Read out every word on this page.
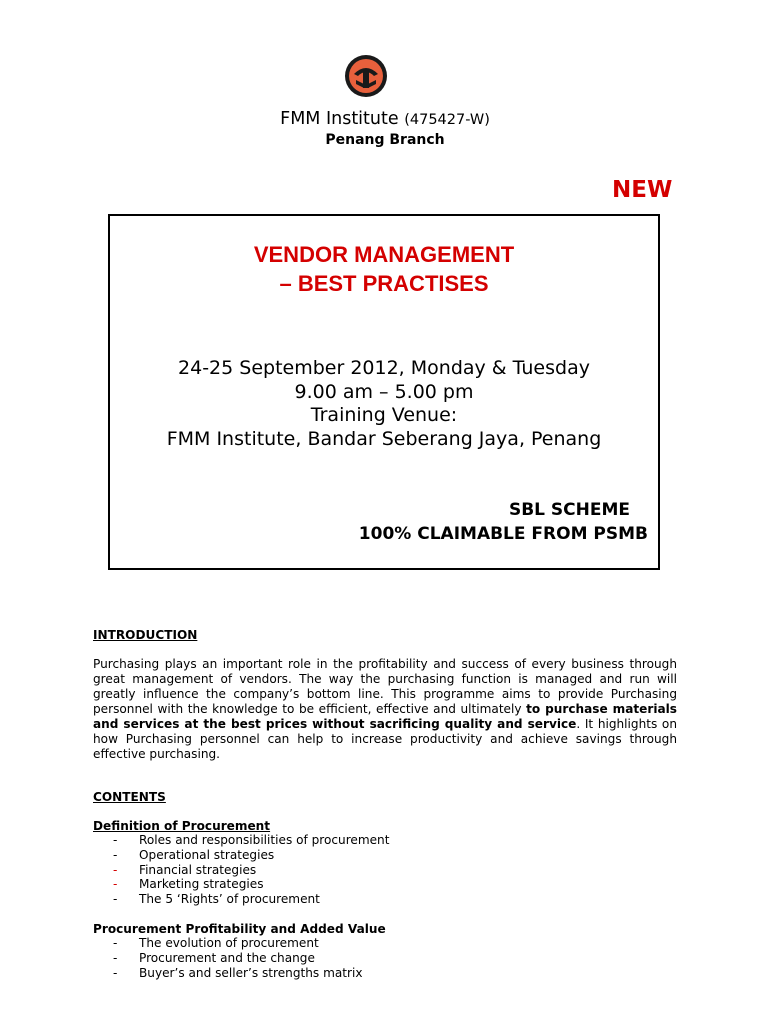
FMM Institute (475427-W)
Penang Branch
NEW
VENDOR MANAGEMENT
– BEST PRACTISES
24-25 September 2012, Monday & Tuesday
9.00 am – 5.00 pm
Training Venue:
FMM Institute, Bandar Seberang Jaya, Penang
SBL SCHEME
100% CLAIMABLE FROM PSMB
INTRODUCTION
Purchasing plays an important role in the profitability and success of every business through great management of vendors. The way the purchasing function is managed and run will greatly influence the company’s bottom line. This programme aims to provide Purchasing personnel with the knowledge to be efficient, effective and ultimately to purchase materials and services at the best prices without sacrificing quality and service. It highlights on how Purchasing personnel can help to increase productivity and achieve savings through effective purchasing.
CONTENTS
Definition of Procurement
- Roles and responsibilities of procurement
- Operational strategies
- Financial strategies
- Marketing strategies
- The 5 ‘Rights’ of procurement
Procurement Profitability and Added Value
- The evolution of procurement
- Procurement and the change
- Buyer’s and seller’s strengths matrix
